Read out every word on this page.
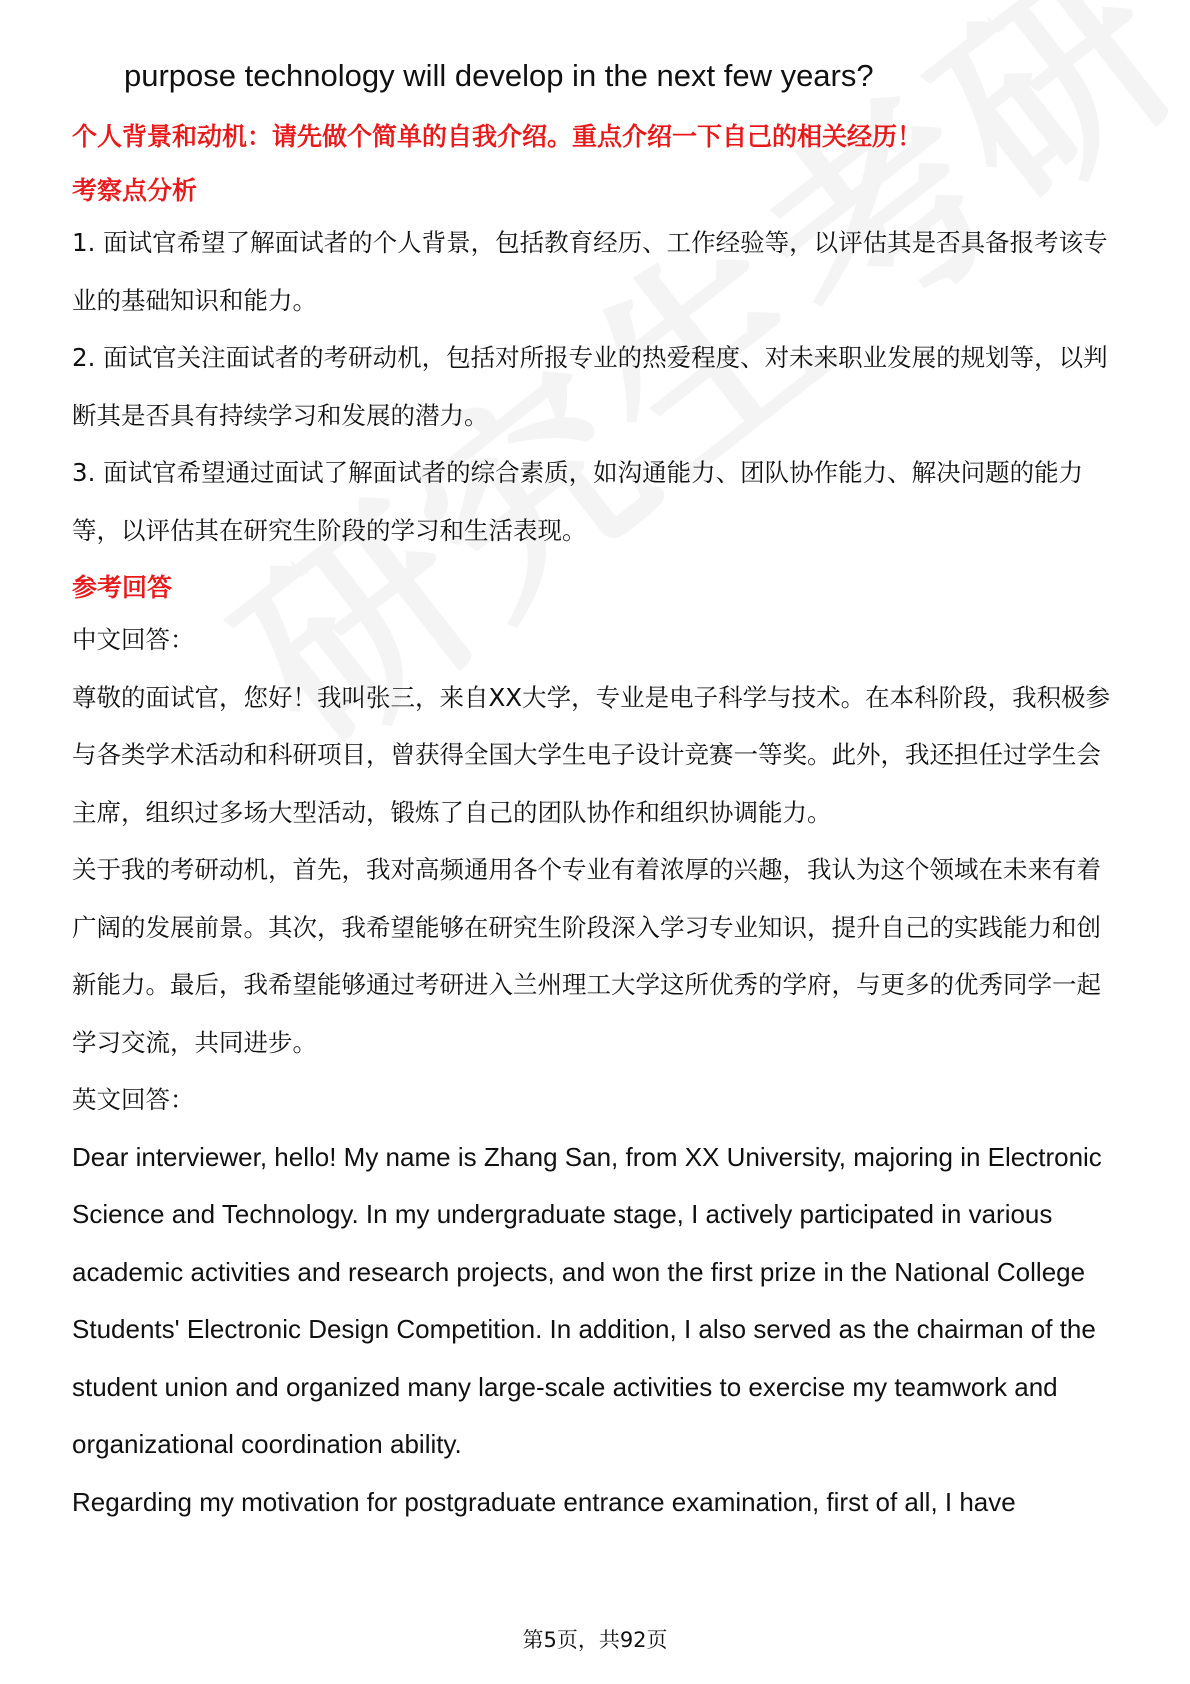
purpose technology will develop in the next few years?

个人背景和动机：请先做个简单的自我介绍。重点介绍一下自己的相关经历！
考察点分析

1. 面试官希望了解面试者的个人背景，包括教育经历、工作经验等，以评估其是否具备报考该专业的基础知识和能力。

2. 面试官关注面试者的考研动机，包括对所报专业的热爱程度、对未来职业发展的规划等，以判断其是否具有持续学习和发展的潜力。

3. 面试官希望通过面试了解面试者的综合素质，如沟通能力、团队协作能力、解决问题的能力等，以评估其在研究生阶段的学习和生活表现。

参考回答

中文回答：

尊敬的面试官，您好！我叫张三，来自XX大学，专业是电子科学与技术。在本科阶段，我积极参与各类学术活动和科研项目，曾获得全国大学生电子设计竞赛一等奖。此外，我还担任过学生会主席，组织过多场大型活动，锻炼了自己的团队协作和组织协调能力。

关于我的考研动机，首先，我对高频通用各个专业有着浓厚的兴趣，我认为这个领域在未来有着广阔的发展前景。其次，我希望能够在研究生阶段深入学习专业知识，提升自己的实践能力和创新能力。最后，我希望能够通过考研进入兰州理工大学这所优秀的学府，与更多的优秀同学一起学习交流，共同进步。

英文回答：

Dear interviewer, hello! My name is Zhang San, from XX University, majoring in Electronic Science and Technology. In my undergraduate stage, I actively participated in various academic activities and research projects, and won the first prize in the National College Students' Electronic Design Competition. In addition, I also served as the chairman of the student union and organized many large-scale activities to exercise my teamwork and organizational coordination ability.

Regarding my motivation for postgraduate entrance examination, first of all, I have

第5页，共92页
